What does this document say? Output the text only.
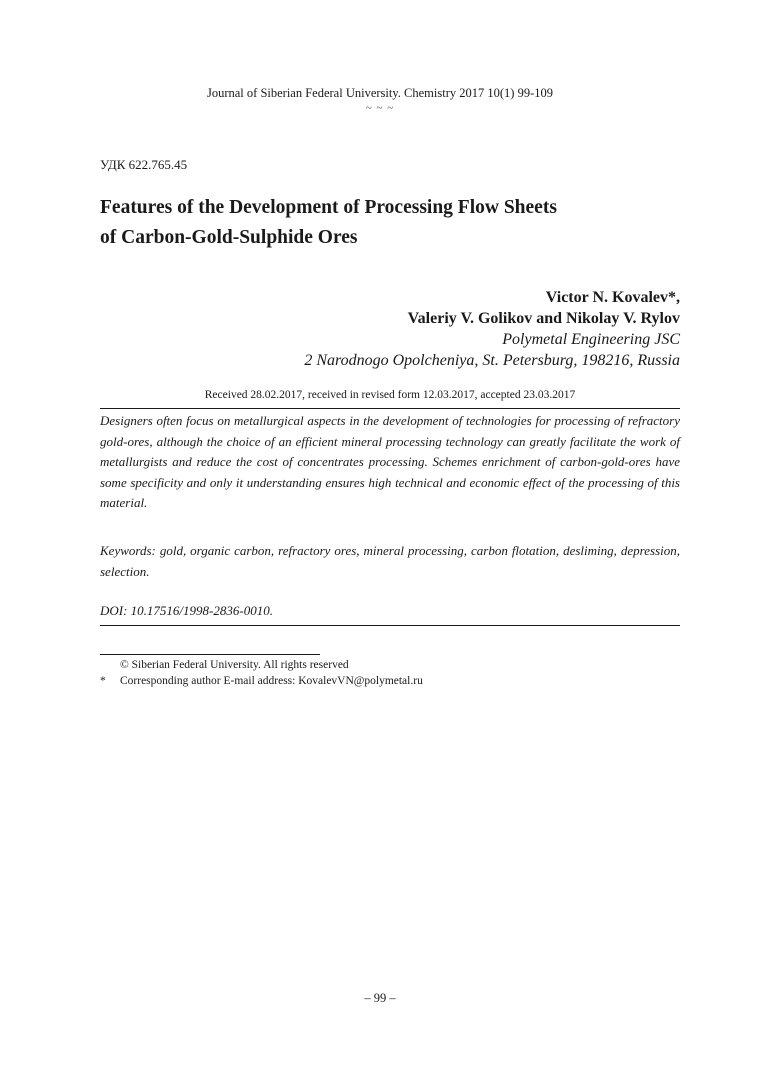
Journal of Siberian Federal University. Chemistry 2017 10(1) 99-109
~ ~ ~
УДК 622.765.45
Features of the Development of Processing Flow Sheets
of Carbon-Gold-Sulphide Ores
Victor N. Kovalev*,
Valeriy V. Golikov and Nikolay V. Rylov
Polymetal Engineering JSC
2 Narodnogo Opolcheniya, St. Petersburg, 198216, Russia
Received 28.02.2017, received in revised form 12.03.2017, accepted 23.03.2017
Designers often focus on metallurgical aspects in the development of technologies for processing of refractory gold-ores, although the choice of an efficient mineral processing technology can greatly facilitate the work of metallurgists and reduce the cost of concentrates processing. Schemes enrichment of carbon-gold-ores have some specificity and only it understanding ensures high technical and economic effect of the processing of this material.
Keywords: gold, organic carbon, refractory ores, mineral processing, carbon flotation, desliming, depression, selection.
DOI: 10.17516/1998-2836-0010.
© Siberian Federal University. All rights reserved
* Corresponding author E-mail address: KovalevVN@polymetal.ru
– 99 –
